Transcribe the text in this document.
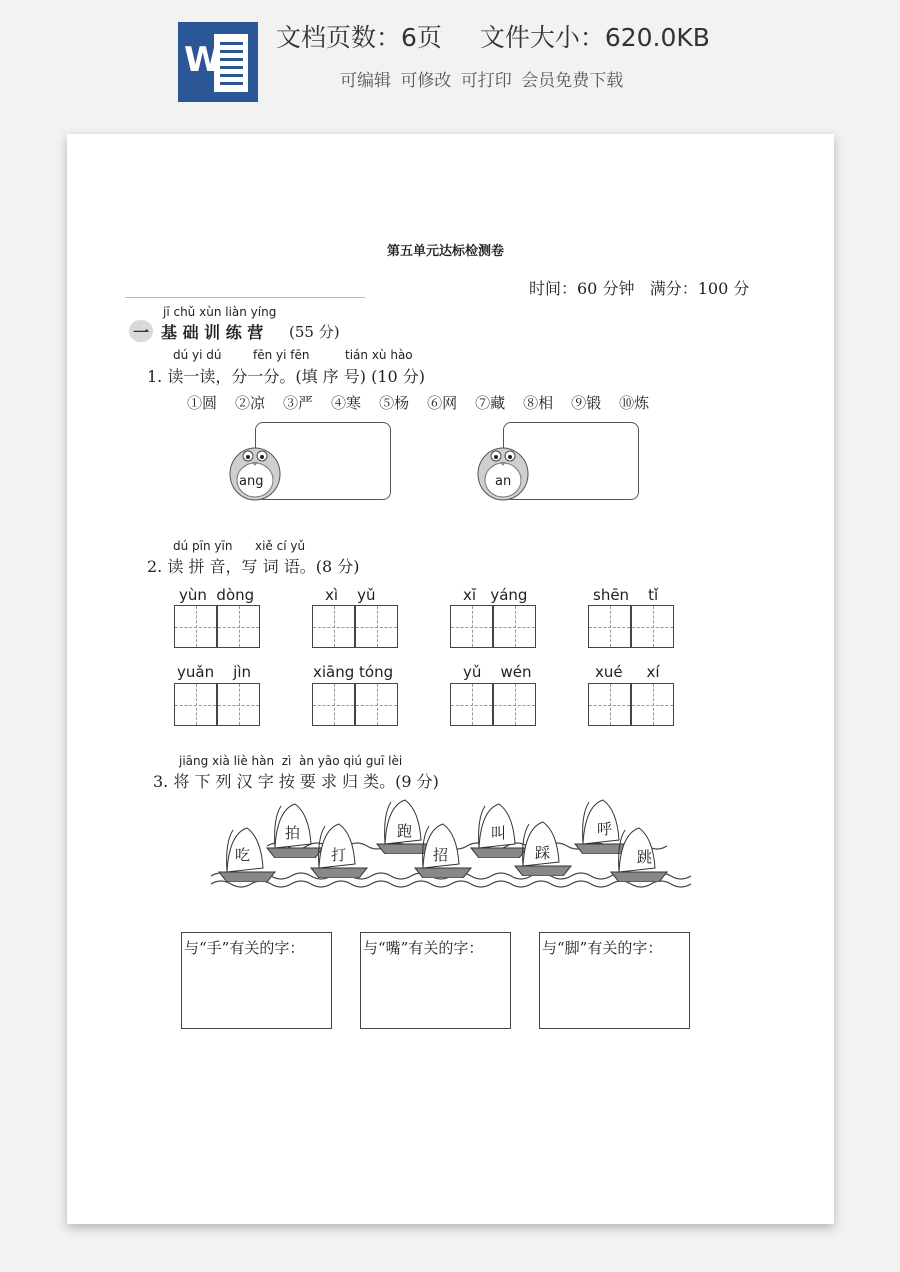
W
文档页数：6页 文件大小：620.0KB
可编辑 可修改 可打印 会员免费下载
第五单元达标检测卷
时间：60 分钟   满分：100 分
jī chǔ xùn liàn yíng
一 基 础 训 练 营 (55 分)
dú yi dú	fēn yi fēn	tián xù hào
1. 读一读，分一分。(填 序 号) (10 分)
①圆 ②凉 ③严 ④寒 ⑤杨 ⑥网 ⑦藏 ⑧相 ⑨锻 ⑩炼
ang	an
dú pīn yīn xiě cí yǔ
2. 读 拼 音，写 词 语。(8 分)
yùn  dòng	xì    yǔ	xī   yáng	shēn    tǐ
yuǎn    jìn	xiāng tóng	yǔ    wén	xué     xí
jiāng xià liè hàn  zì  àn yāo qiú guī lèi
3. 将 下 列 汉 字 按 要 求 归 类。(9 分)
吃
拍
打
跑
招
叫
踩
呼
跳
与“手”有关的字：	与“嘴”有关的字：	与“脚”有关的字：
